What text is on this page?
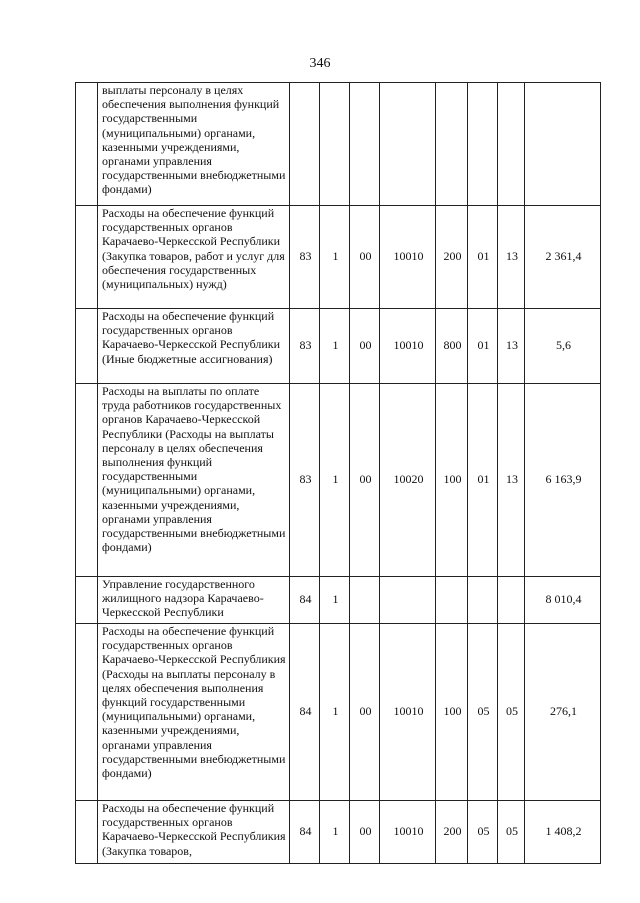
346
	выплаты персоналу в целях обеспечения выполнения функций государственными (муниципальными) органами, казенными учреждениями, органами управления государственными внебюджетными фондами)								
	Расходы на обеспечение функций государственных органов Карачаево-Черкесской Республики (Закупка товаров, работ и услуг для обеспечения государственных (муниципальных) нужд)	83	1	00	10010	200	01	13	2 361,4
	Расходы на обеспечение функций государственных органов Карачаево-Черкесской Республики (Иные бюджетные ассигнования)	83	1	00	10010	800	01	13	5,6
	Расходы на выплаты по оплате труда работников государственных органов Карачаево-Черкесской Республики (Расходы на выплаты персоналу в целях обеспечения выполнения функций государственными (муниципальными) органами, казенными учреждениями, органами управления государственными внебюджетными фондами)	83	1	00	10020	100	01	13	6 163,9
	Управление государственного жилищного надзора Карачаево-Черкесской Республики	84	1						8 010,4
	Расходы на обеспечение функций государственных органов Карачаево-Черкесской Республикия (Расходы на выплаты персоналу в целях обеспечения выполнения функций государственными (муниципальными) органами, казенными учреждениями, органами управления государственными внебюджетными фондами)	84	1	00	10010	100	05	05	276,1
	Расходы на обеспечение функций государственных органов Карачаево-Черкесской Республикия (Закупка товаров,	84	1	00	10010	200	05	05	1 408,2
